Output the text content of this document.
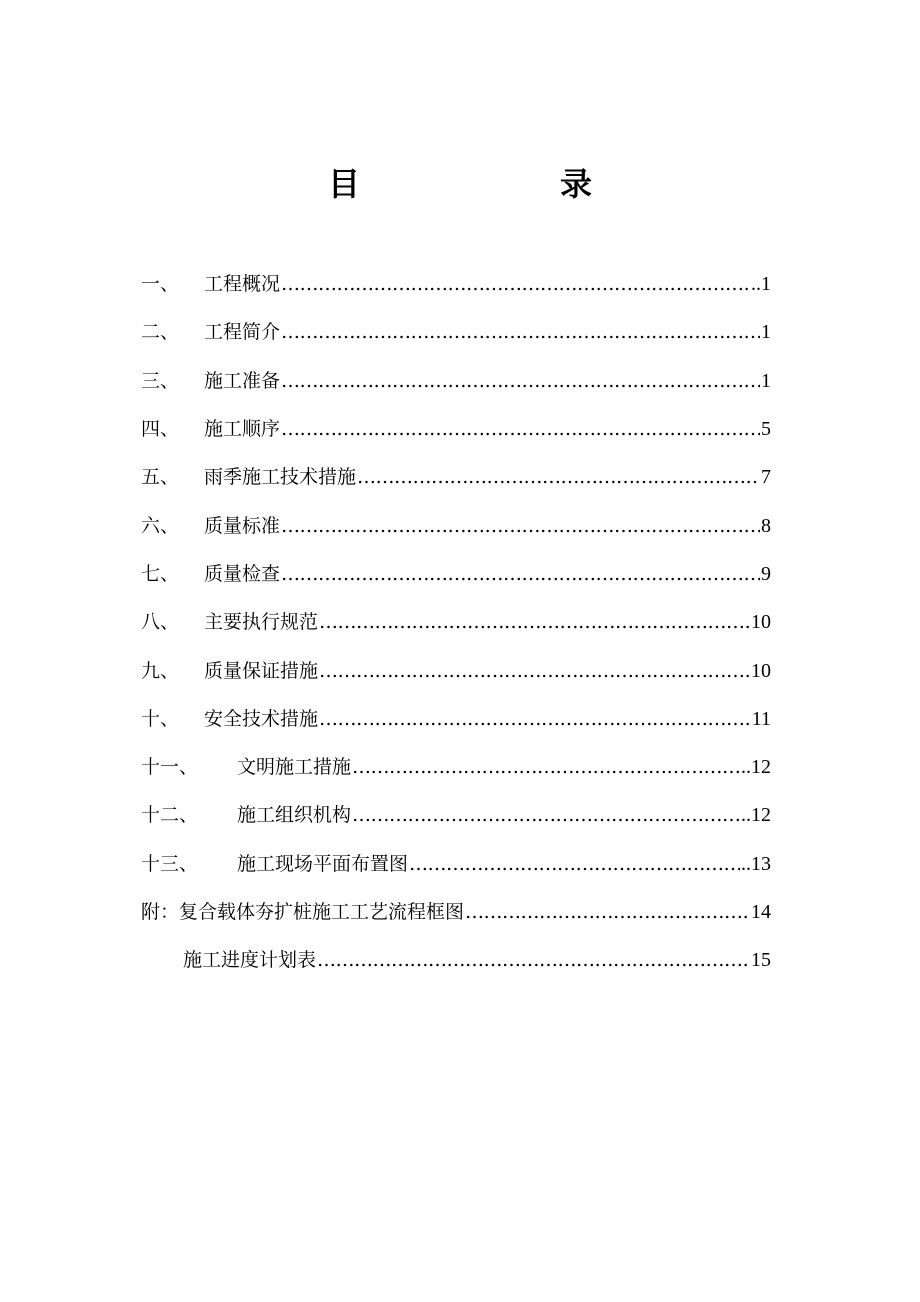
目　录
一、	工程概况 ……………………………………………………………………………………………………………………………………………………………………	..1
二、	工程简介 ……………………………………………………………………………………………………………………………………………………………………	1
三、	施工准备 ……………………………………………………………………………………………………………………………………………………………………	1
四、	施工顺序 ……………………………………………………………………………………………………………………………………………………………………	5
五、	雨季施工技术措施 ……………………………………………………………………………………………………………………………………………………………………	7
六、	质量标准 ……………………………………………………………………………………………………………………………………………………………………	8
七、	质量检查 ……………………………………………………………………………………………………………………………………………………………………	9
八、	主要执行规范 ……………………………………………………………………………………………………………………………………………………………………	10
九、	质量保证措施 ……………………………………………………………………………………………………………………………………………………………………	10
十、	安全技术措施 ……………………………………………………………………………………………………………………………………………………………………	11
十一、	文明施工措施 ……………………………………………………………………………………………………………………………………………………………………	..12
十二、	施工组织机构 ……………………………………………………………………………………………………………………………………………………………………	..12
十三、	施工现场平面布置图 ……………………………………………………………………………………………………………………………………………………………………	..13
附： 复合载体夯扩桩施工工艺流程框图 ……………………………………………………………………………………………………………………………………………………………………	14
施工进度计划表 ……………………………………………………………………………………………………………………………………………………………………	15
